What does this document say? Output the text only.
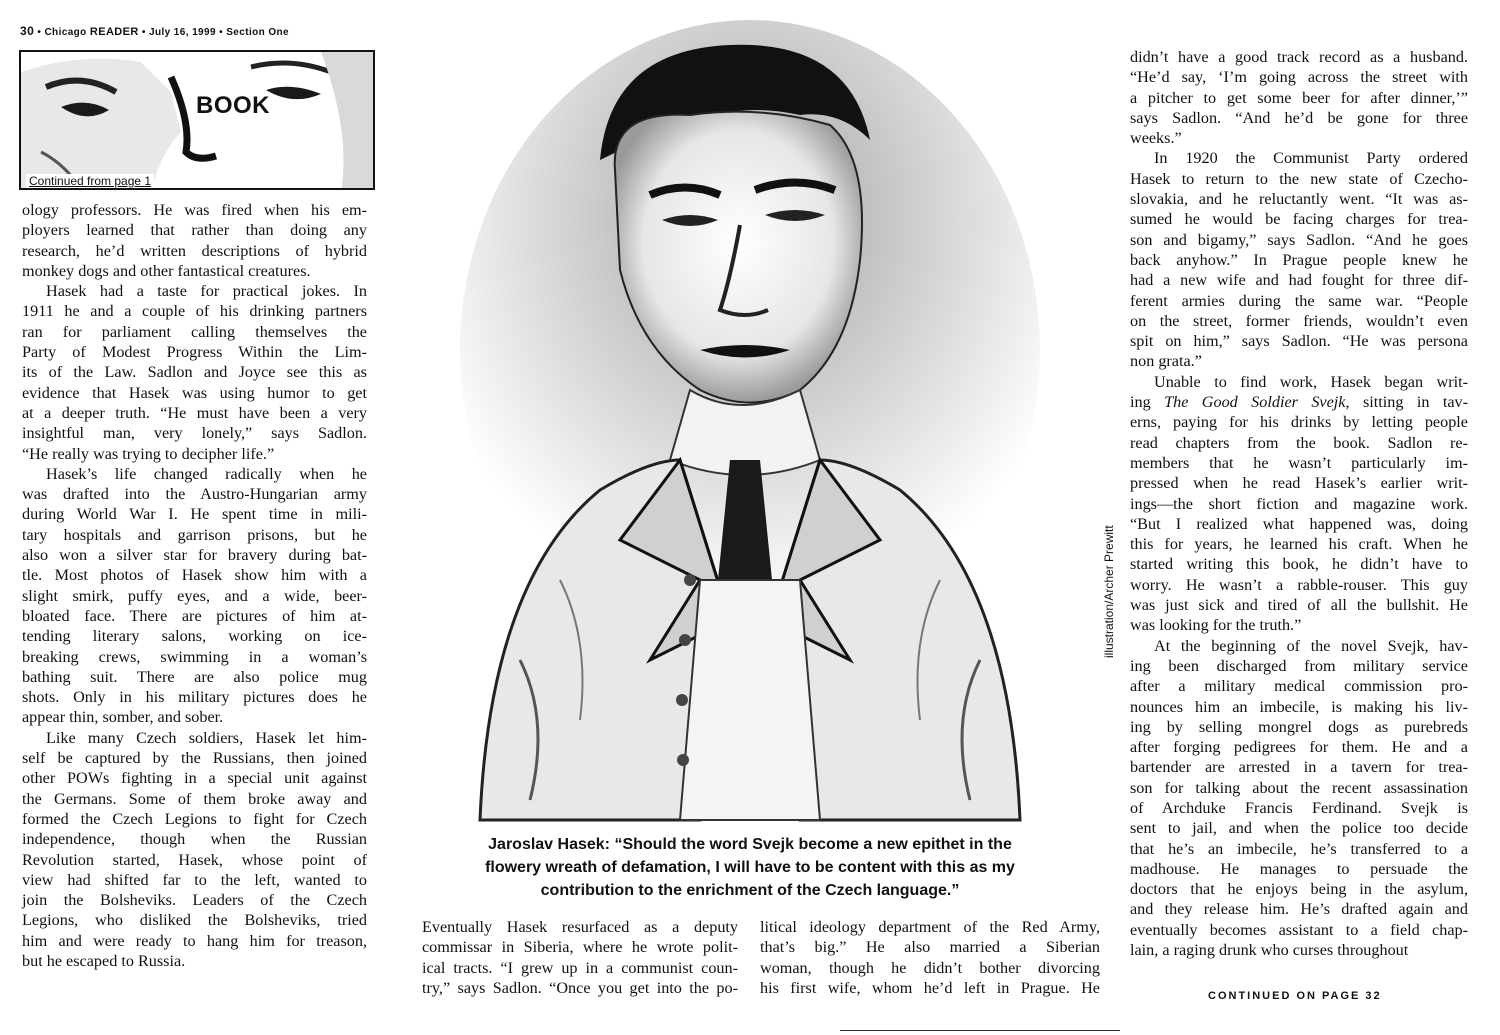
30 • Chicago READER • July 16, 1999 • Section One
BOOK
Continued from page 1

ology professors. He was fired when his em-
ployers learned that rather than doing any
research, he’d written descriptions of hybrid
monkey dogs and other fantastical creatures.

Hasek had a taste for practical jokes. In
1911 he and a couple of his drinking partners
ran for parliament calling themselves the
Party of Modest Progress Within the Lim-
its of the Law. Sadlon and Joyce see this as
evidence that Hasek was using humor to get
at a deeper truth. “He must have been a very
insightful man, very lonely,” says Sadlon.
“He really was trying to decipher life.”

Hasek’s life changed radically when he
was drafted into the Austro-Hungarian army
during World War I. He spent time in mili-
tary hospitals and garrison prisons, but he
also won a silver star for bravery during bat-
tle. Most photos of Hasek show him with a
slight smirk, puffy eyes, and a wide, beer-
bloated face. There are pictures of him at-
tending literary salons, working on ice-
breaking crews, swimming in a woman’s
bathing suit. There are also police mug
shots. Only in his military pictures does he
appear thin, somber, and sober.

Like many Czech soldiers, Hasek let him-
self be captured by the Russians, then joined
other POWs fighting in a special unit against
the Germans. Some of them broke away and
formed the Czech Legions to fight for Czech
independence, though when the Russian
Revolution started, Hasek, whose point of
view had shifted far to the left, wanted to
join the Bolsheviks. Leaders of the Czech
Legions, who disliked the Bolsheviks, tried
him and were ready to hang him for treason,
but he escaped to Russia.

illustration/Archer Prewitt
Jaroslav Hasek: “Should the word Svejk become a new epithet in the
flowery wreath of defamation, I will have to be content with this as my
contribution to the enrichment of the Czech language.”

Eventually Hasek resurfaced as a deputy
commissar in Siberia, where he wrote polit-
ical tracts. “I grew up in a communist coun-
try,” says Sadlon. “Once you get into the po-

litical ideology department of the Red Army,
that’s big.” He also married a Siberian
woman, though he didn’t bother divorcing
his first wife, whom he’d left in Prague. He

didn’t have a good track record as a husband.
“He’d say, ‘I’m going across the street with
a pitcher to get some beer for after dinner,’”
says Sadlon. “And he’d be gone for three
weeks.”

In 1920 the Communist Party ordered
Hasek to return to the new state of Czecho-
slovakia, and he reluctantly went. “It was as-
sumed he would be facing charges for trea-
son and bigamy,” says Sadlon. “And he goes
back anyhow.” In Prague people knew he
had a new wife and had fought for three dif-
ferent armies during the same war. “People
on the street, former friends, wouldn’t even
spit on him,” says Sadlon. “He was persona
non grata.”

Unable to find work, Hasek began writ-
ing The Good Soldier Svejk, sitting in tav-
erns, paying for his drinks by letting people
read chapters from the book. Sadlon re-
members that he wasn’t particularly im-
pressed when he read Hasek’s earlier writ-
ings—the short fiction and magazine work.
“But I realized what happened was, doing
this for years, he learned his craft. When he
started writing this book, he didn’t have to
worry. He wasn’t a rabble-rouser. This guy
was just sick and tired of all the bullshit. He
was looking for the truth.”

At the beginning of the novel Svejk, hav-
ing been discharged from military service
after a military medical commission pro-
nounces him an imbecile, is making his liv-
ing by selling mongrel dogs as purebreds
after forging pedigrees for them. He and a
bartender are arrested in a tavern for trea-
son for talking about the recent assassination
of Archduke Francis Ferdinand. Svejk is
sent to jail, and when the police too decide
that he’s an imbecile, he’s transferred to a
madhouse. He manages to persuade the
doctors that he enjoys being in the asylum,
and they release him. He’s drafted again and
eventually becomes assistant to a field chap-
lain, a raging drunk who curses throughout

CONTINUED ON PAGE 32
